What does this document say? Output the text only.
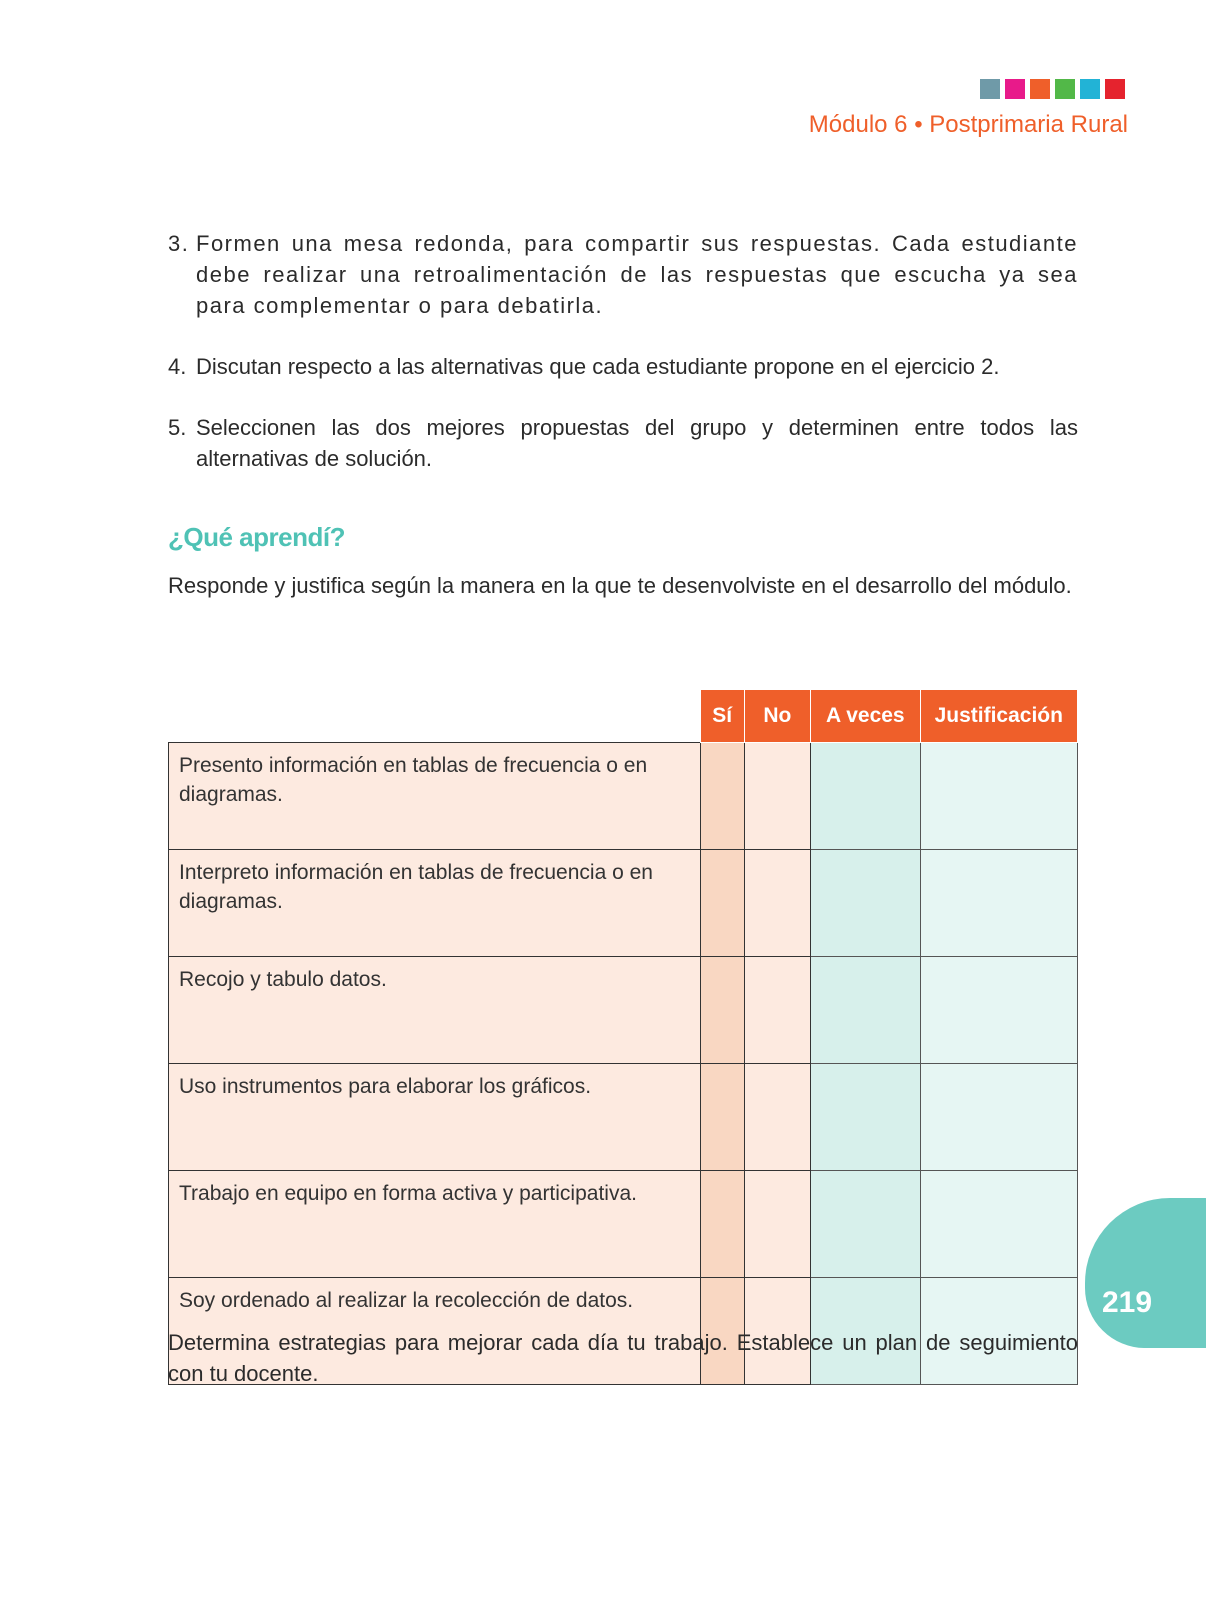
Módulo 6 • Postprimaria Rural
3. Formen una mesa redonda, para compartir sus respuestas. Cada estudiante debe realizar una retroalimentación de las respuestas que escucha ya sea para complementar o para debatirla.
4. Discutan respecto a las alternativas que cada estudiante propone en el ejercicio 2.
5. Seleccionen las dos mejores propuestas del grupo y determinen entre todos las alternativas de solución.
¿Qué aprendí?

Responde y justifica según la manera en la que te desenvolviste en el desarrollo del módulo.

	Sí	No	A veces	Justificación
Presento información en tablas de frecuencia o en diagramas.				
Interpreto información en tablas de frecuencia o en diagramas.				
Recojo y tabulo datos.				
Uso instrumentos para elaborar los gráficos.				
Trabajo en equipo en forma activa y participativa.				
Soy ordenado al realizar la recolección de datos.					219

Determina estrategias para mejorar cada día tu trabajo. Establece un plan de seguimiento con tu docente.
